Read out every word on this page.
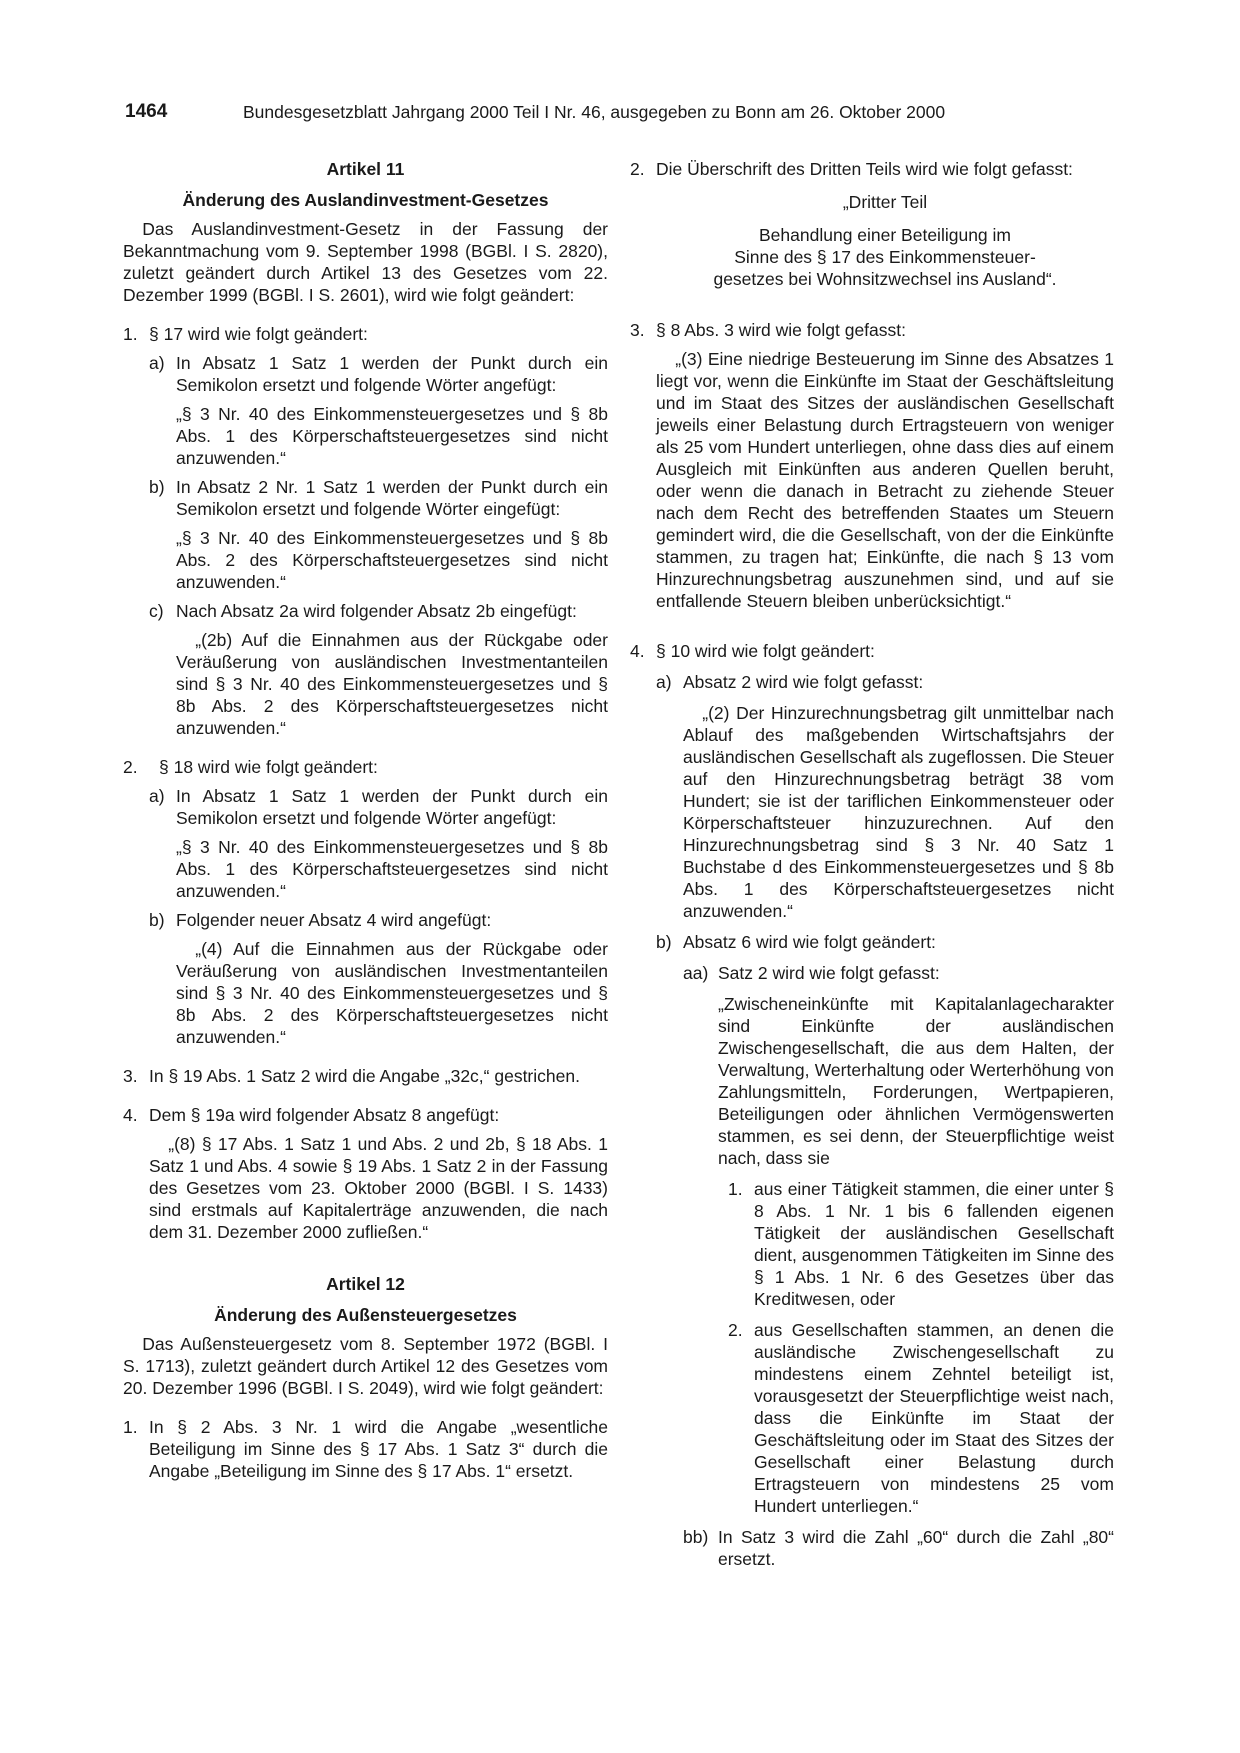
1464	Bundesgesetzblatt Jahrgang 2000 Teil I Nr. 46, ausgegeben zu Bonn am 26. Oktober 2000
Artikel 11
Änderung des Auslandinvestment-Gesetzes
Das Auslandinvestment-Gesetz in der Fassung der Bekanntmachung vom 9. September 1998 (BGBl. I S. 2820), zuletzt geändert durch Artikel 13 des Gesetzes vom 22. Dezember 1999 (BGBl. I S. 2601), wird wie folgt geändert:
1. § 17 wird wie folgt geändert:
a) In Absatz 1 Satz 1 werden der Punkt durch ein Semikolon ersetzt und folgende Wörter angefügt:
„§ 3 Nr. 40 des Einkommensteuergesetzes und § 8b Abs. 1 des Körperschaftsteuergesetzes sind nicht anzuwenden.“
b) In Absatz 2 Nr. 1 Satz 1 werden der Punkt durch ein Semikolon ersetzt und folgende Wörter eingefügt:
„§ 3 Nr. 40 des Einkommensteuergesetzes und § 8b Abs. 2 des Körperschaftsteuergesetzes sind nicht anzuwenden.“
c) Nach Absatz 2a wird folgender Absatz 2b eingefügt:
„(2b) Auf die Einnahmen aus der Rückgabe oder Veräußerung von ausländischen Investmentanteilen sind § 3 Nr. 40 des Einkommensteuergesetzes und § 8b Abs. 2 des Körperschaftsteuergesetzes nicht anzuwenden.“
2.	§ 18 wird wie folgt geändert:
a) In Absatz 1 Satz 1 werden der Punkt durch ein Semikolon ersetzt und folgende Wörter angefügt:
„§ 3 Nr. 40 des Einkommensteuergesetzes und § 8b Abs. 1 des Körperschaftsteuergesetzes sind nicht anzuwenden.“
b) Folgender neuer Absatz 4 wird angefügt:
„(4) Auf die Einnahmen aus der Rückgabe oder Veräußerung von ausländischen Investmentanteilen sind § 3 Nr. 40 des Einkommensteuergesetzes und § 8b Abs. 2 des Körperschaftsteuergesetzes nicht anzuwenden.“
3. In § 19 Abs. 1 Satz 2 wird die Angabe „32c,“ gestrichen.
4. Dem § 19a wird folgender Absatz 8 angefügt:
„(8) § 17 Abs. 1 Satz 1 und Abs. 2 und 2b, § 18 Abs. 1 Satz 1 und Abs. 4 sowie § 19 Abs. 1 Satz 2 in der Fassung des Gesetzes vom 23. Oktober 2000 (BGBl. I S. 1433) sind erstmals auf Kapitalerträge anzuwenden, die nach dem 31. Dezember 2000 zufließen.“
Artikel 12
Änderung des Außensteuergesetzes
Das Außensteuergesetz vom 8. September 1972 (BGBl. I S. 1713), zuletzt geändert durch Artikel 12 des Gesetzes vom 20. Dezember 1996 (BGBl. I S. 2049), wird wie folgt geändert:
1. In § 2 Abs. 3 Nr. 1 wird die Angabe „wesentliche Beteiligung im Sinne des § 17 Abs. 1 Satz 3“ durch die Angabe „Beteiligung im Sinne des § 17 Abs. 1“ ersetzt.
2. Die Überschrift des Dritten Teils wird wie folgt gefasst:
„Dritter Teil
Behandlung einer Beteiligung im
Sinne des § 17 des Einkommensteuer-
gesetzes bei Wohnsitzwechsel ins Ausland“.
3. § 8 Abs. 3 wird wie folgt gefasst:
„(3) Eine niedrige Besteuerung im Sinne des Absatzes 1 liegt vor, wenn die Einkünfte im Staat der Geschäftsleitung und im Staat des Sitzes der ausländischen Gesellschaft jeweils einer Belastung durch Ertragsteuern von weniger als 25 vom Hundert unterliegen, ohne dass dies auf einem Ausgleich mit Einkünften aus anderen Quellen beruht, oder wenn die danach in Betracht zu ziehende Steuer nach dem Recht des betreffenden Staates um Steuern gemindert wird, die die Gesellschaft, von der die Einkünfte stammen, zu tragen hat; Einkünfte, die nach § 13 vom Hinzurechnungsbetrag auszunehmen sind, und auf sie entfallende Steuern bleiben unberücksichtigt.“
4. § 10 wird wie folgt geändert:
a) Absatz 2 wird wie folgt gefasst:
„(2) Der Hinzurechnungsbetrag gilt unmittelbar nach Ablauf des maßgebenden Wirtschaftsjahrs der ausländischen Gesellschaft als zugeflossen. Die Steuer auf den Hinzurechnungsbetrag beträgt 38 vom Hundert; sie ist der tariflichen Einkommensteuer oder Körperschaftsteuer hinzuzurechnen. Auf den Hinzurechnungsbetrag sind § 3 Nr. 40 Satz 1 Buchstabe d des Einkommensteuergesetzes und § 8b Abs. 1 des Körperschaftsteuergesetzes nicht anzuwenden.“
b) Absatz 6 wird wie folgt geändert:
aa) Satz 2 wird wie folgt gefasst:
„Zwischeneinkünfte mit Kapitalanlagecharakter sind Einkünfte der ausländischen Zwischengesellschaft, die aus dem Halten, der Verwaltung, Werterhaltung oder Werterhöhung von Zahlungsmitteln, Forderungen, Wertpapieren, Beteiligungen oder ähnlichen Vermögenswerten stammen, es sei denn, der Steuerpflichtige weist nach, dass sie
1. aus einer Tätigkeit stammen, die einer unter § 8 Abs. 1 Nr. 1 bis 6 fallenden eigenen Tätigkeit der ausländischen Gesellschaft dient, ausgenommen Tätigkeiten im Sinne des § 1 Abs. 1 Nr. 6 des Gesetzes über das Kreditwesen, oder
2. aus Gesellschaften stammen, an denen die ausländische Zwischengesellschaft zu mindestens einem Zehntel beteiligt ist, vorausgesetzt der Steuerpflichtige weist nach, dass die Einkünfte im Staat der Geschäftsleitung oder im Staat des Sitzes der Gesellschaft einer Belastung durch Ertragsteuern von mindestens 25 vom Hundert unterliegen.“
bb) In Satz 3 wird die Zahl „60“ durch die Zahl „80“ ersetzt.
